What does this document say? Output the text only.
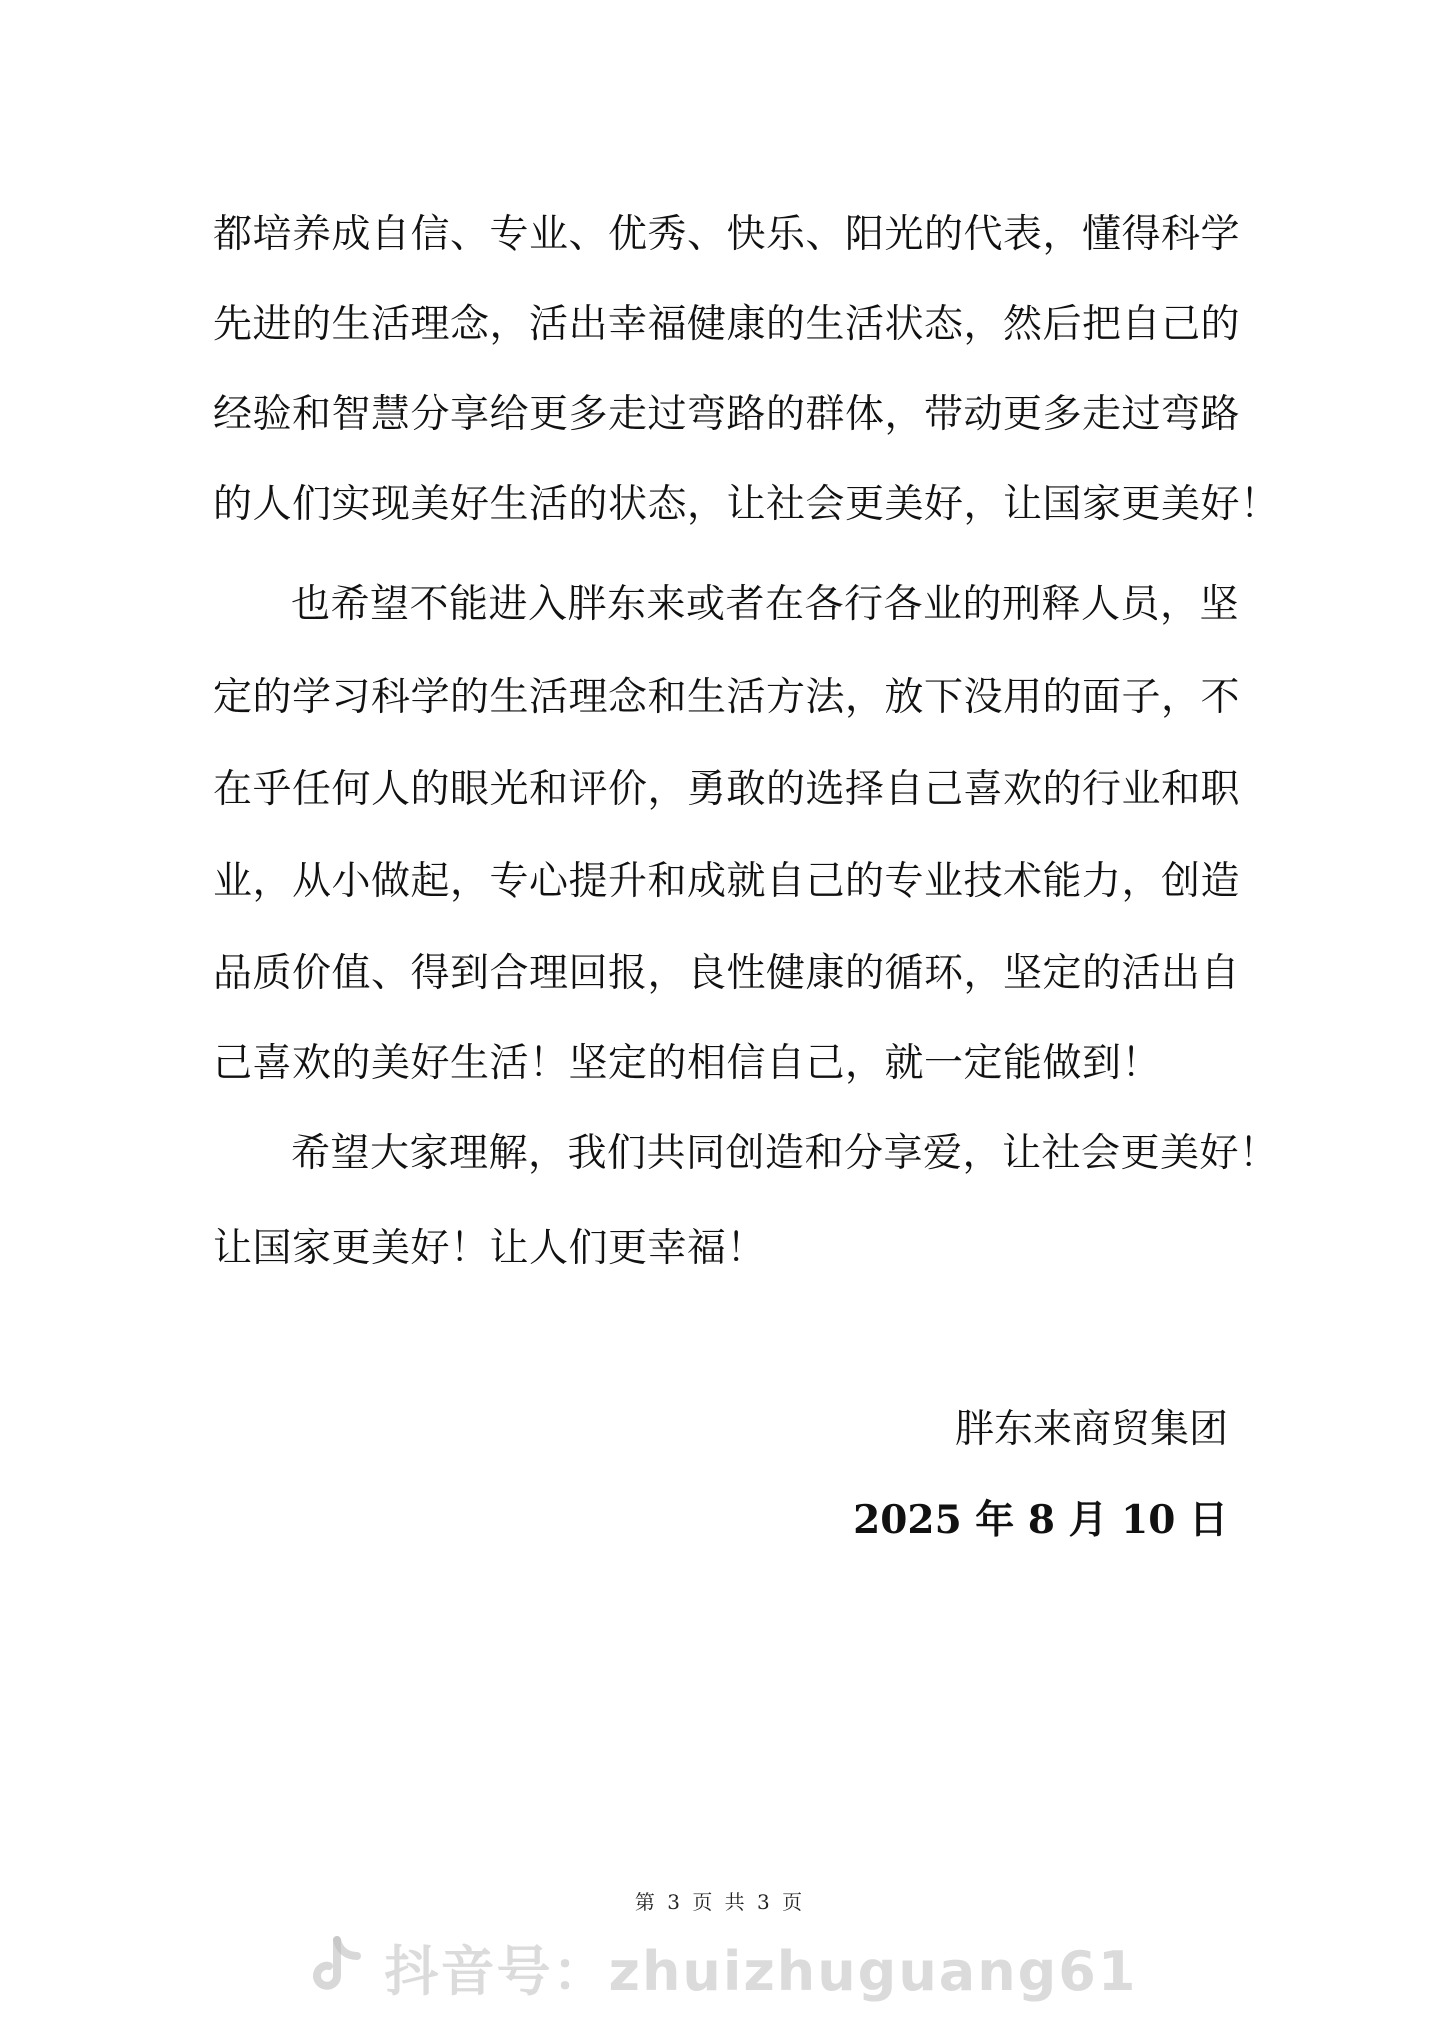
都培养成自信、专业、优秀、快乐、阳光的代表，懂得科学
先进的生活理念，活出幸福健康的生活状态，然后把自己的
经验和智慧分享给更多走过弯路的群体，带动更多走过弯路
的人们实现美好生活的状态，让社会更美好，让国家更美好！
也希望不能进入胖东来或者在各行各业的刑释人员，坚
定的学习科学的生活理念和生活方法，放下没用的面子，不
在乎任何人的眼光和评价，勇敢的选择自己喜欢的行业和职
业，从小做起，专心提升和成就自己的专业技术能力，创造
品质价值、得到合理回报，良性健康的循环，坚定的活出自
己喜欢的美好生活！坚定的相信自己，就一定能做到！
希望大家理解，我们共同创造和分享爱，让社会更美好！
让国家更美好！让人们更幸福！
胖东来商贸集团
2025 年 8 月 10 日
第 3 页 共 3 页
抖音号：zhuizhuguang61
